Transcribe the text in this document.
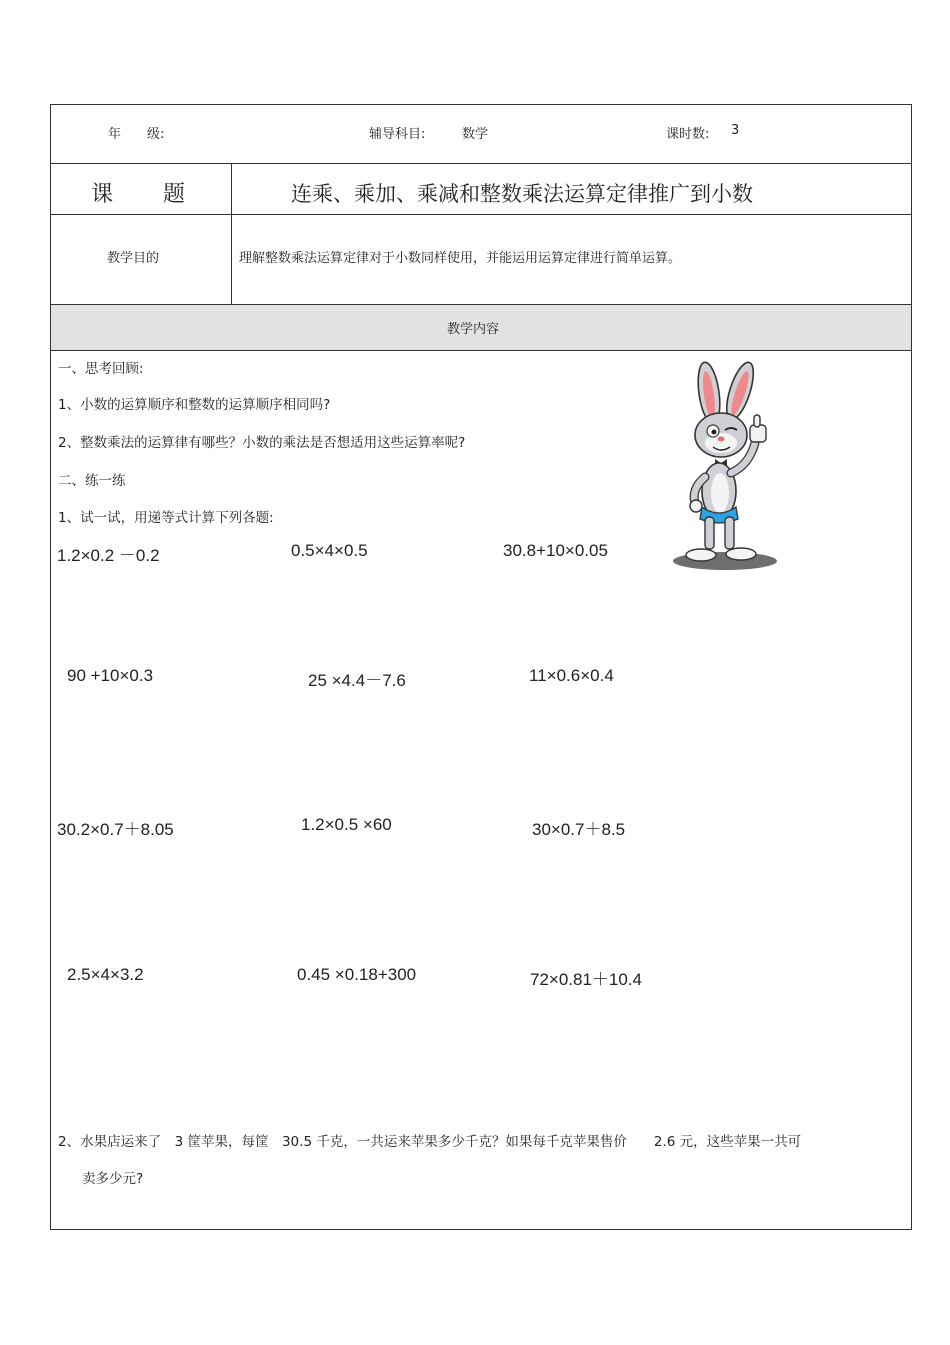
年　　级:	辅导科目:	数学	课时数: 3
课　　题	连乘、乘加、乘减和整数乘法运算定律推广到小数
教学目的	理解整数乘法运算定律对于小数同样使用，并能运用运算定律进行简单运算。
教学内容
一、思考回顾:
1、小数的运算顺序和整数的运算顺序相同吗?
2、整数乘法的运算律有哪些？小数的乘法是否想适用这些运算率呢?
二、练一练
1、试一试，用递等式计算下列各题:
1.2×0.2 －0.2	0.5×4×0.5	30.8+10×0.05
90 +10×0.3	25 ×4.4－7.6	11×0.6×0.4
30.2×0.7＋8.05	1.2×0.5 ×60	30×0.7＋8.5
2.5×4×3.2	0.45 ×0.18+300	72×0.81＋10.4
2、水果店运来了　3 筐苹果，每筐　30.5 千克，一共运来苹果多少千克？如果每千克苹果售价　　2.6 元，这些苹果一共可
卖多少元?
